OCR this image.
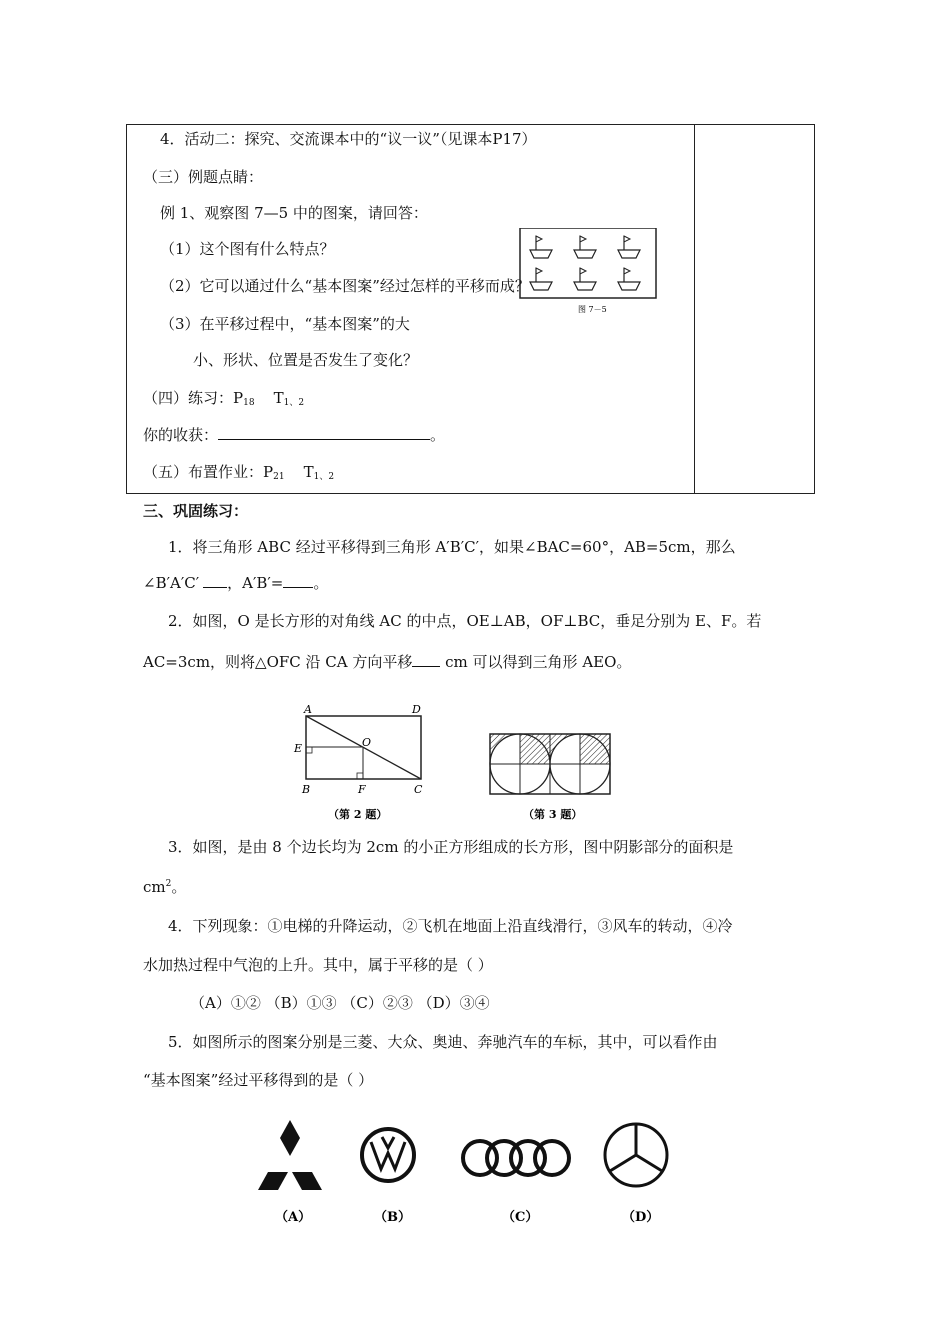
4．活动二：探究、交流课本中的“议一议”（见课本P17）
（三）例题点睛：
例 1、观察图 7—5 中的图案，请回答：
（1）这个图有什么特点？
（2）它可以通过什么“基本图案”经过怎样的平移而成？
（3）在平移过程中，“基本图案”的大
小、形状、位置是否发生了变化？
（四）练习：$P_{18}$ $T_{1、2}$
你的收获：	。
（五）布置作业：$P_{21}$ $T_{1、2}$
图 7－5
三、巩固练习：
1．将三角形 ABC 经过平移得到三角形 A′B′C′，如果∠BAC=60°，AB=5cm，那么
∠B′A′C′ ，A′B′= 。
2．如图，O 是长方形的对角线 AC 的中点，OE⊥AB，OF⊥BC，垂足分别为 E、F。若
AC=3cm，则将△OFC 沿 CA 方向平移 cm 可以得到三角形 AEO。
A	D
E	O
B	F	C
（第 2 题）	（第 3 题）
3．如图，是由 8 个边长均为 2cm 的小正方形组成的长方形，图中阴影部分的面积是
$cm^2$。
4．下列现象：①电梯的升降运动，②飞机在地面上沿直线滑行，③风车的转动，④冷
水加热过程中气泡的上升。其中，属于平移的是（ ）
（A）①② （B）①③ （C）②③ （D）③④
5．如图所示的图案分别是三菱、大众、奥迪、奔驰汽车的车标，其中，可以看作由
“基本图案”经过平移得到的是（ ）
（A）	（B）	（C）	（D）
